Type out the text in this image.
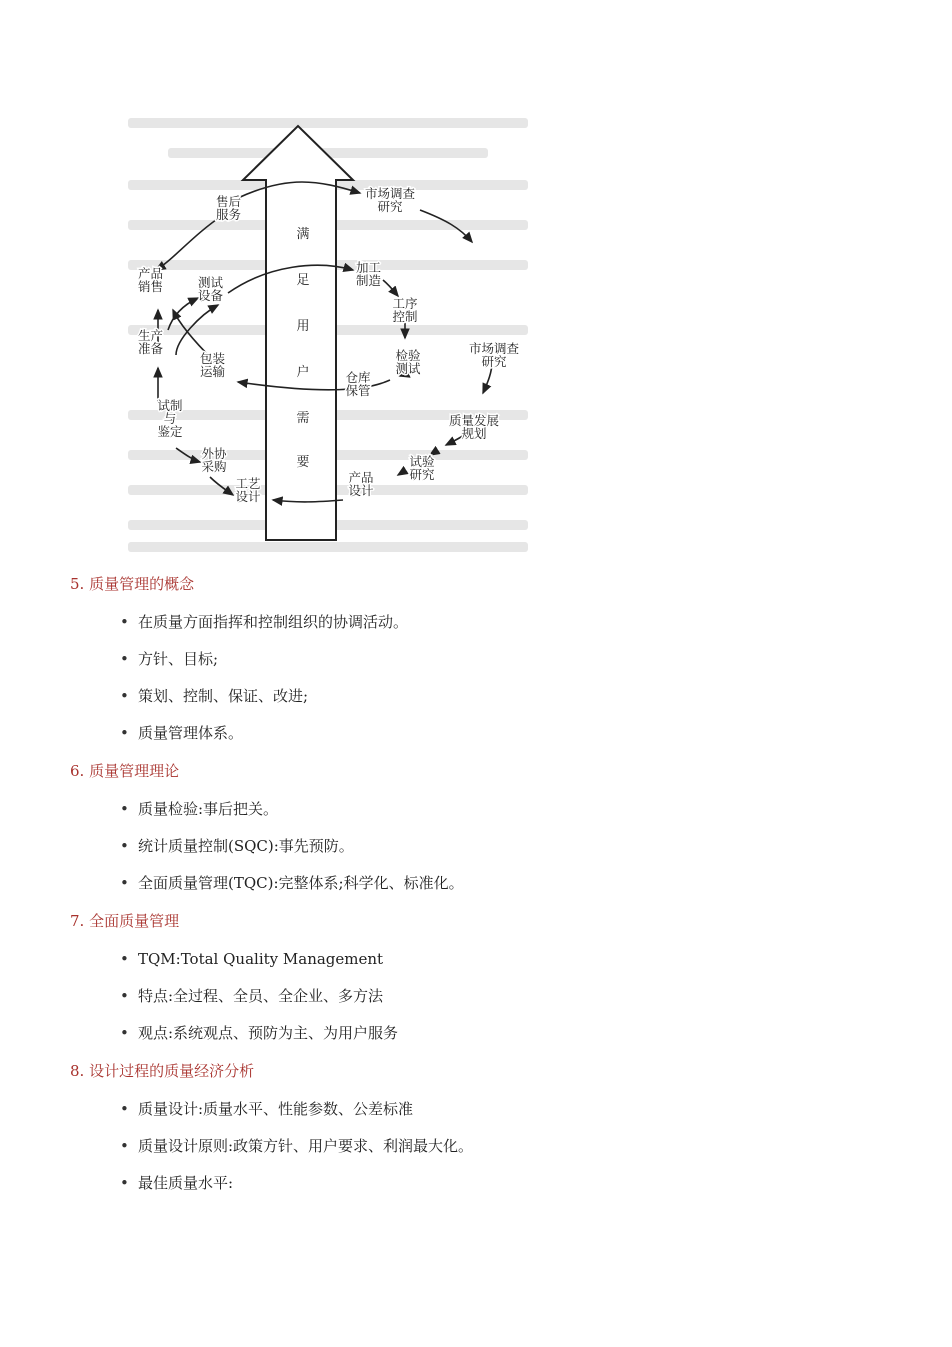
满
足
用
户
需
要
售后服务
市场调查研究
市场调查研究
产品销售	测试设备
加工制造
工序控制
生产准备
包装运输
检验测试
仓库保管
试制与鉴定
质量发展规划
外协采购	试验研究
产品设计
工艺设计

5. 质量管理的概念

• 在质量方面指挥和控制组织的协调活动。
• 方针、目标;
• 策划、控制、保证、改进;
• 质量管理体系。

6. 质量管理理论

• 质量检验:事后把关。
• 统计质量控制(SQC):事先预防。
• 全面质量管理(TQC):完整体系;科学化、标准化。

7. 全面质量管理

• TQM:Total Quality Management
• 特点:全过程、全员、全企业、多方法
• 观点:系统观点、预防为主、为用户服务

8. 设计过程的质量经济分析

• 质量设计:质量水平、性能参数、公差标准
• 质量设计原则:政策方针、用户要求、利润最大化。
• 最佳质量水平:
